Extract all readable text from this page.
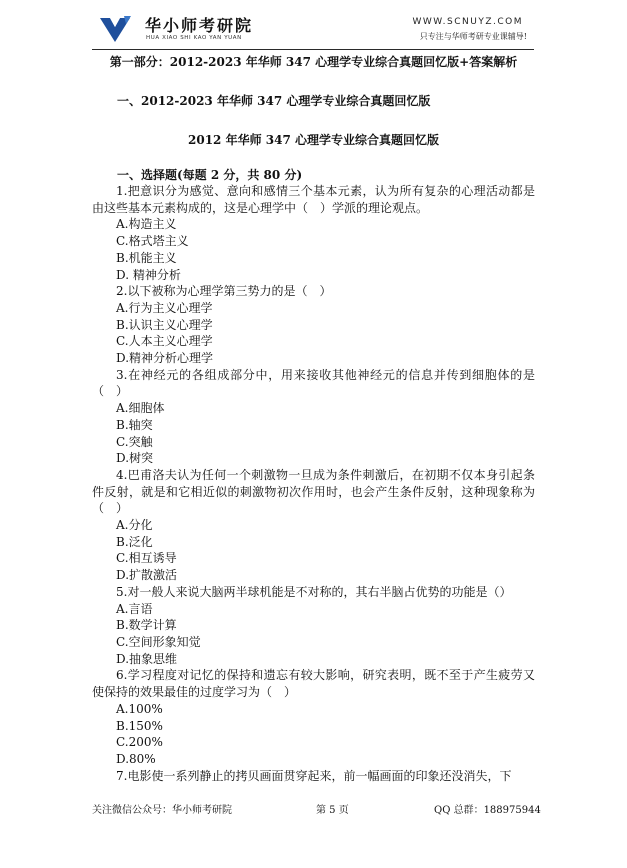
华小师考研院
HUA XIAO SHI KAO YAN YUAN
WWW.SCNUYZ.COM
只专注与华师考研专业课辅导!
第一部分：2012-2023 年华师 347 心理学专业综合真题回忆版+答案解析
一、2012-2023 年华师 347 心理学专业综合真题回忆版
2012 年华师 347 心理学专业综合真题回忆版
一、选择题(每题 2 分，共 80 分)

1.把意识分为感觉、意向和感情三个基本元素，认为所有复杂的心理活动都是由这些基本元素构成的，这是心理学中（　）学派的理论观点。

A.构造主义

C.格式塔主义

B.机能主义

D. 精神分析

2.以下被称为心理学第三势力的是（　）

A.行为主义心理学

B.认识主义心理学

C.人本主义心理学

D.精神分析心理学

3.在神经元的各组成部分中，用来接收其他神经元的信息并传到细胞体的是（　）

A.细胞体

B.轴突

C.突触

D.树突

4.巴甫洛夫认为任何一个刺激物一旦成为条件刺激后，在初期不仅本身引起条件反射，就是和它相近似的刺激物初次作用时，也会产生条件反射，这种现象称为（　）

A.分化

B.泛化

C.相互诱导

D.扩散激活

5.对一般人来说大脑两半球机能是不对称的，其右半脑占优势的功能是（）

A.言语

B.数学计算

C.空间形象知觉

D.抽象思维

6.学习程度对记忆的保持和遗忘有较大影响，研究表明，既不至于产生疲劳又使保持的效果最佳的过度学习为（　）

A.100%

B.150%

C.200%

D.80%

7.电影使一系列静止的拷贝画面贯穿起来，前一幅画面的印象还没消失，下

关注微信公众号：华小师考研院	第 5 页	QQ 总群：188975944
